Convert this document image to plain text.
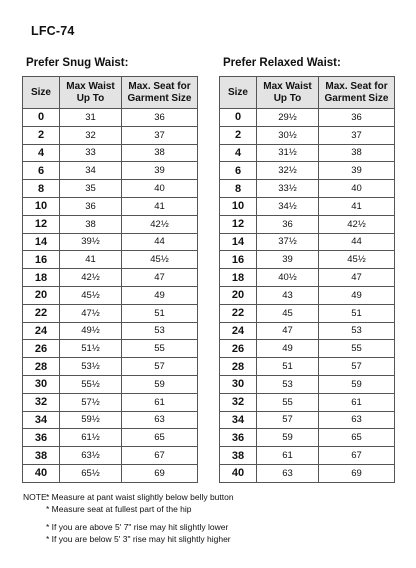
LFC-74
Prefer Snug Waist:
Size	Max Waist Up To	Max. Seat for Garment Size
0	31	36
2	32	37
4	33	38
6	34	39
8	35	40
10	36	41
12	38	42½
14	39½	44
16	41	45½
18	42½	47
20	45½	49
22	47½	51
24	49½	53
26	51½	55
28	53½	57
30	55½	59
32	57½	61
34	59½	63
36	61½	65
38	63½	67
40	65½	69
Prefer Relaxed Waist:
Size	Max Waist Up To	Max. Seat for Garment Size
0	29½	36
2	30½	37
4	31½	38
6	32½	39
8	33½	40
10	34½	41
12	36	42½
14	37½	44
16	39	45½
18	40½	47
20	43	49
22	45	51
24	47	53
26	49	55
28	51	57
30	53	59
32	55	61
34	57	63
36	59	65
38	61	67
40	63	69
NOTE:
* Measure at pant waist slightly below belly button
* Measure seat at fullest part of the hip
* If you are above 5' 7" rise may hit slightly lower
* If you are below 5' 3" rise may hit slightly higher
